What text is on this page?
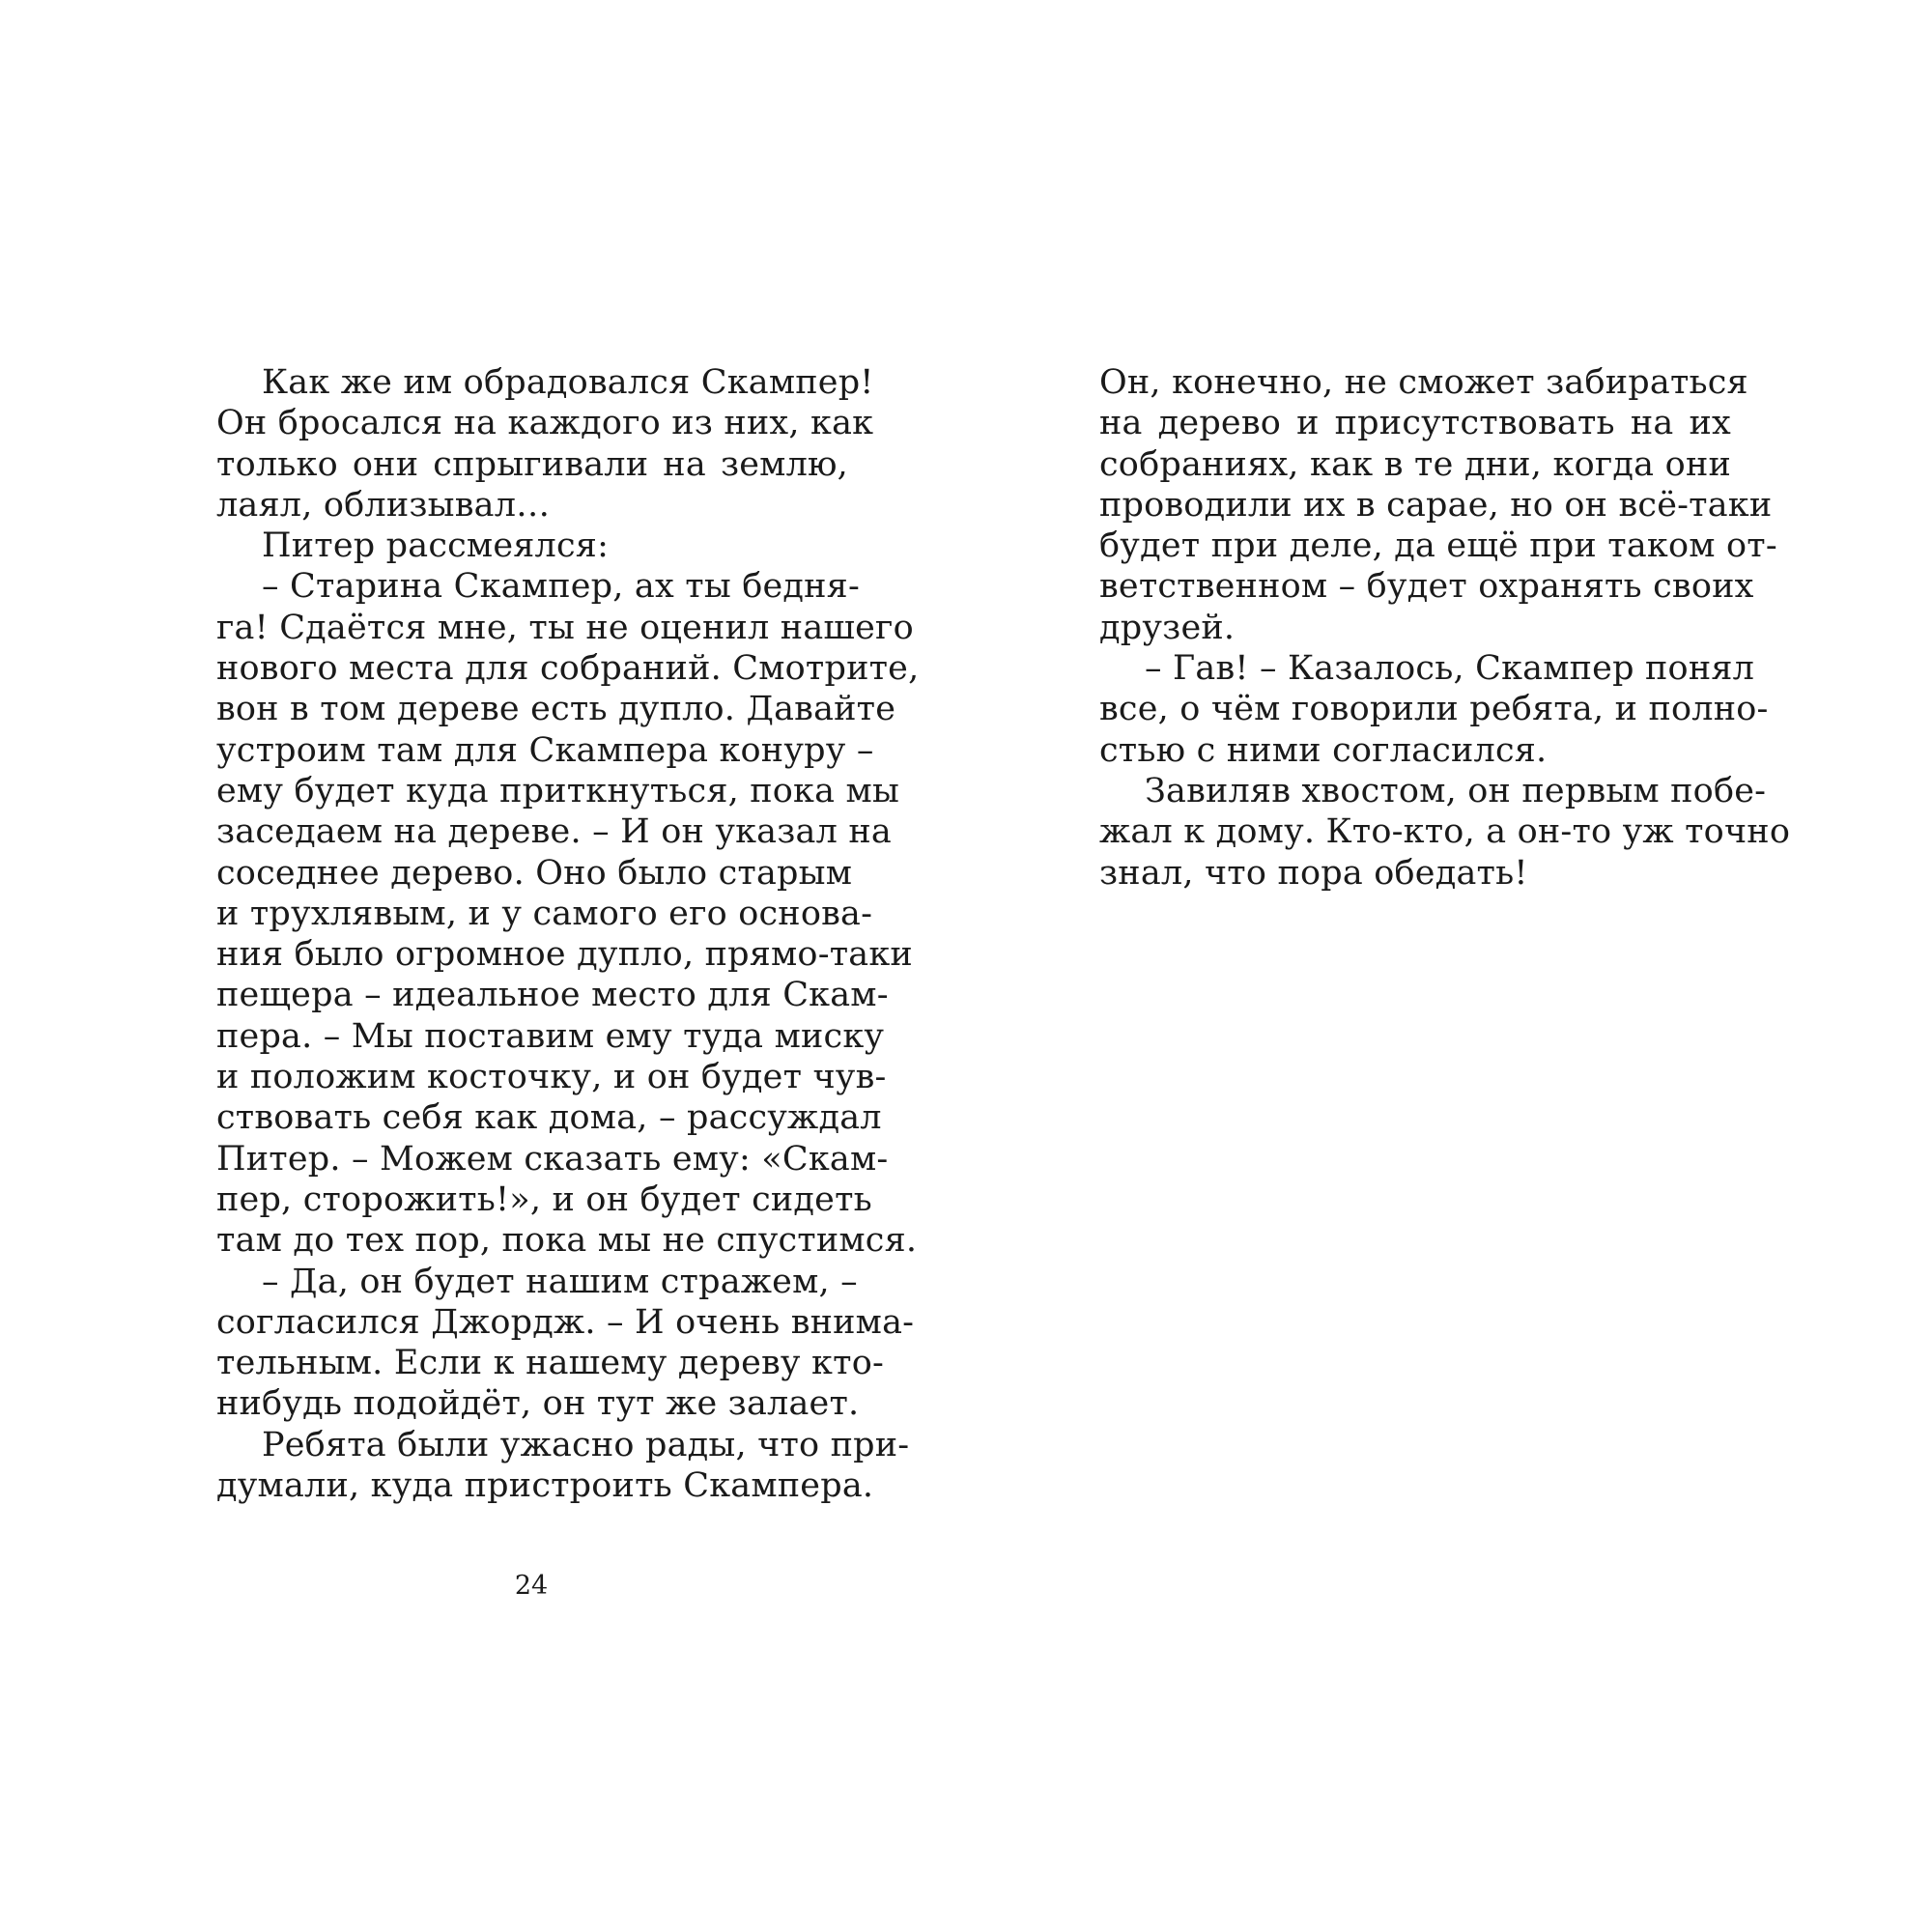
Как же им обрадовался Скампер!
Он бросался на каждого из них, как
только они спрыгивали на землю,
лаял, облизывал…
Питер рассмеялся:
– Старина Скампер, ах ты бедня-
га! Сдаётся мне, ты не оценил нашего
нового места для собраний. Смотрите,
вон в том дереве есть дупло. Давайте
устроим там для Скампера конуру –
ему будет куда приткнуться, пока мы
заседаем на дереве. – И он указал на
соседнее дерево. Оно было старым
и трухлявым, и у самого его основа-
ния было огромное дупло, прямо-таки
пещера – идеальное место для Скам-
пера. – Мы поставим ему туда миску
и положим косточку, и он будет чув-
ствовать себя как дома, – рассуждал
Питер. – Можем сказать ему: «Скам-
пер, сторожить!», и он будет сидеть
там до тех пор, пока мы не спустимся.
– Да, он будет нашим стражем, –
согласился Джордж. – И очень внима-
тельным. Если к нашему дереву кто-
нибудь подойдёт, он тут же залает.
Ребята были ужасно рады, что при-
думали, куда пристроить Скампера.
24
Он, конечно, не сможет забираться
на дерево и присутствовать на их
собраниях, как в те дни, когда они
проводили их в сарае, но он всё-таки
будет при деле, да ещё при таком от-
ветственном – будет охранять своих
друзей.
– Гав! – Казалось, Скампер понял
все, о чём говорили ребята, и полно-
стью с ними согласился.
Завиляв хвостом, он первым побе-
жал к дому. Кто-кто, а он-то уж точно
знал, что пора обедать!
